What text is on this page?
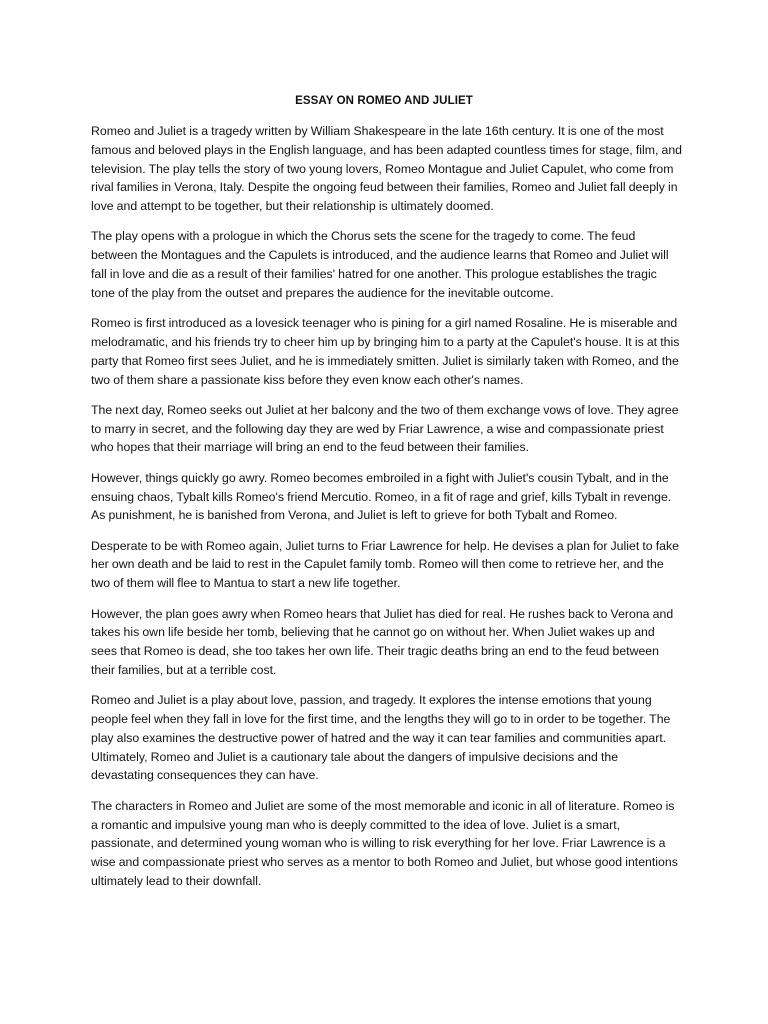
ESSAY ON ROMEO AND JULIET

Romeo and Juliet is a tragedy written by William Shakespeare in the late 16th century. It is one of the most famous and beloved plays in the English language, and has been adapted countless times for stage, film, and television. The play tells the story of two young lovers, Romeo Montague and Juliet Capulet, who come from rival families in Verona, Italy. Despite the ongoing feud between their families, Romeo and Juliet fall deeply in love and attempt to be together, but their relationship is ultimately doomed.

The play opens with a prologue in which the Chorus sets the scene for the tragedy to come. The feud between the Montagues and the Capulets is introduced, and the audience learns that Romeo and Juliet will fall in love and die as a result of their families' hatred for one another. This prologue establishes the tragic tone of the play from the outset and prepares the audience for the inevitable outcome.

Romeo is first introduced as a lovesick teenager who is pining for a girl named Rosaline. He is miserable and melodramatic, and his friends try to cheer him up by bringing him to a party at the Capulet's house. It is at this party that Romeo first sees Juliet, and he is immediately smitten. Juliet is similarly taken with Romeo, and the two of them share a passionate kiss before they even know each other's names.

The next day, Romeo seeks out Juliet at her balcony and the two of them exchange vows of love. They agree to marry in secret, and the following day they are wed by Friar Lawrence, a wise and compassionate priest who hopes that their marriage will bring an end to the feud between their families.

However, things quickly go awry. Romeo becomes embroiled in a fight with Juliet's cousin Tybalt, and in the ensuing chaos, Tybalt kills Romeo's friend Mercutio. Romeo, in a fit of rage and grief, kills Tybalt in revenge. As punishment, he is banished from Verona, and Juliet is left to grieve for both Tybalt and Romeo.

Desperate to be with Romeo again, Juliet turns to Friar Lawrence for help. He devises a plan for Juliet to fake her own death and be laid to rest in the Capulet family tomb. Romeo will then come to retrieve her, and the two of them will flee to Mantua to start a new life together.

However, the plan goes awry when Romeo hears that Juliet has died for real. He rushes back to Verona and takes his own life beside her tomb, believing that he cannot go on without her. When Juliet wakes up and sees that Romeo is dead, she too takes her own life. Their tragic deaths bring an end to the feud between their families, but at a terrible cost.

Romeo and Juliet is a play about love, passion, and tragedy. It explores the intense emotions that young people feel when they fall in love for the first time, and the lengths they will go to in order to be together. The play also examines the destructive power of hatred and the way it can tear families and communities apart. Ultimately, Romeo and Juliet is a cautionary tale about the dangers of impulsive decisions and the devastating consequences they can have.

The characters in Romeo and Juliet are some of the most memorable and iconic in all of literature. Romeo is a romantic and impulsive young man who is deeply committed to the idea of love. Juliet is a smart, passionate, and determined young woman who is willing to risk everything for her love. Friar Lawrence is a wise and compassionate priest who serves as a mentor to both Romeo and Juliet, but whose good intentions ultimately lead to their downfall.
